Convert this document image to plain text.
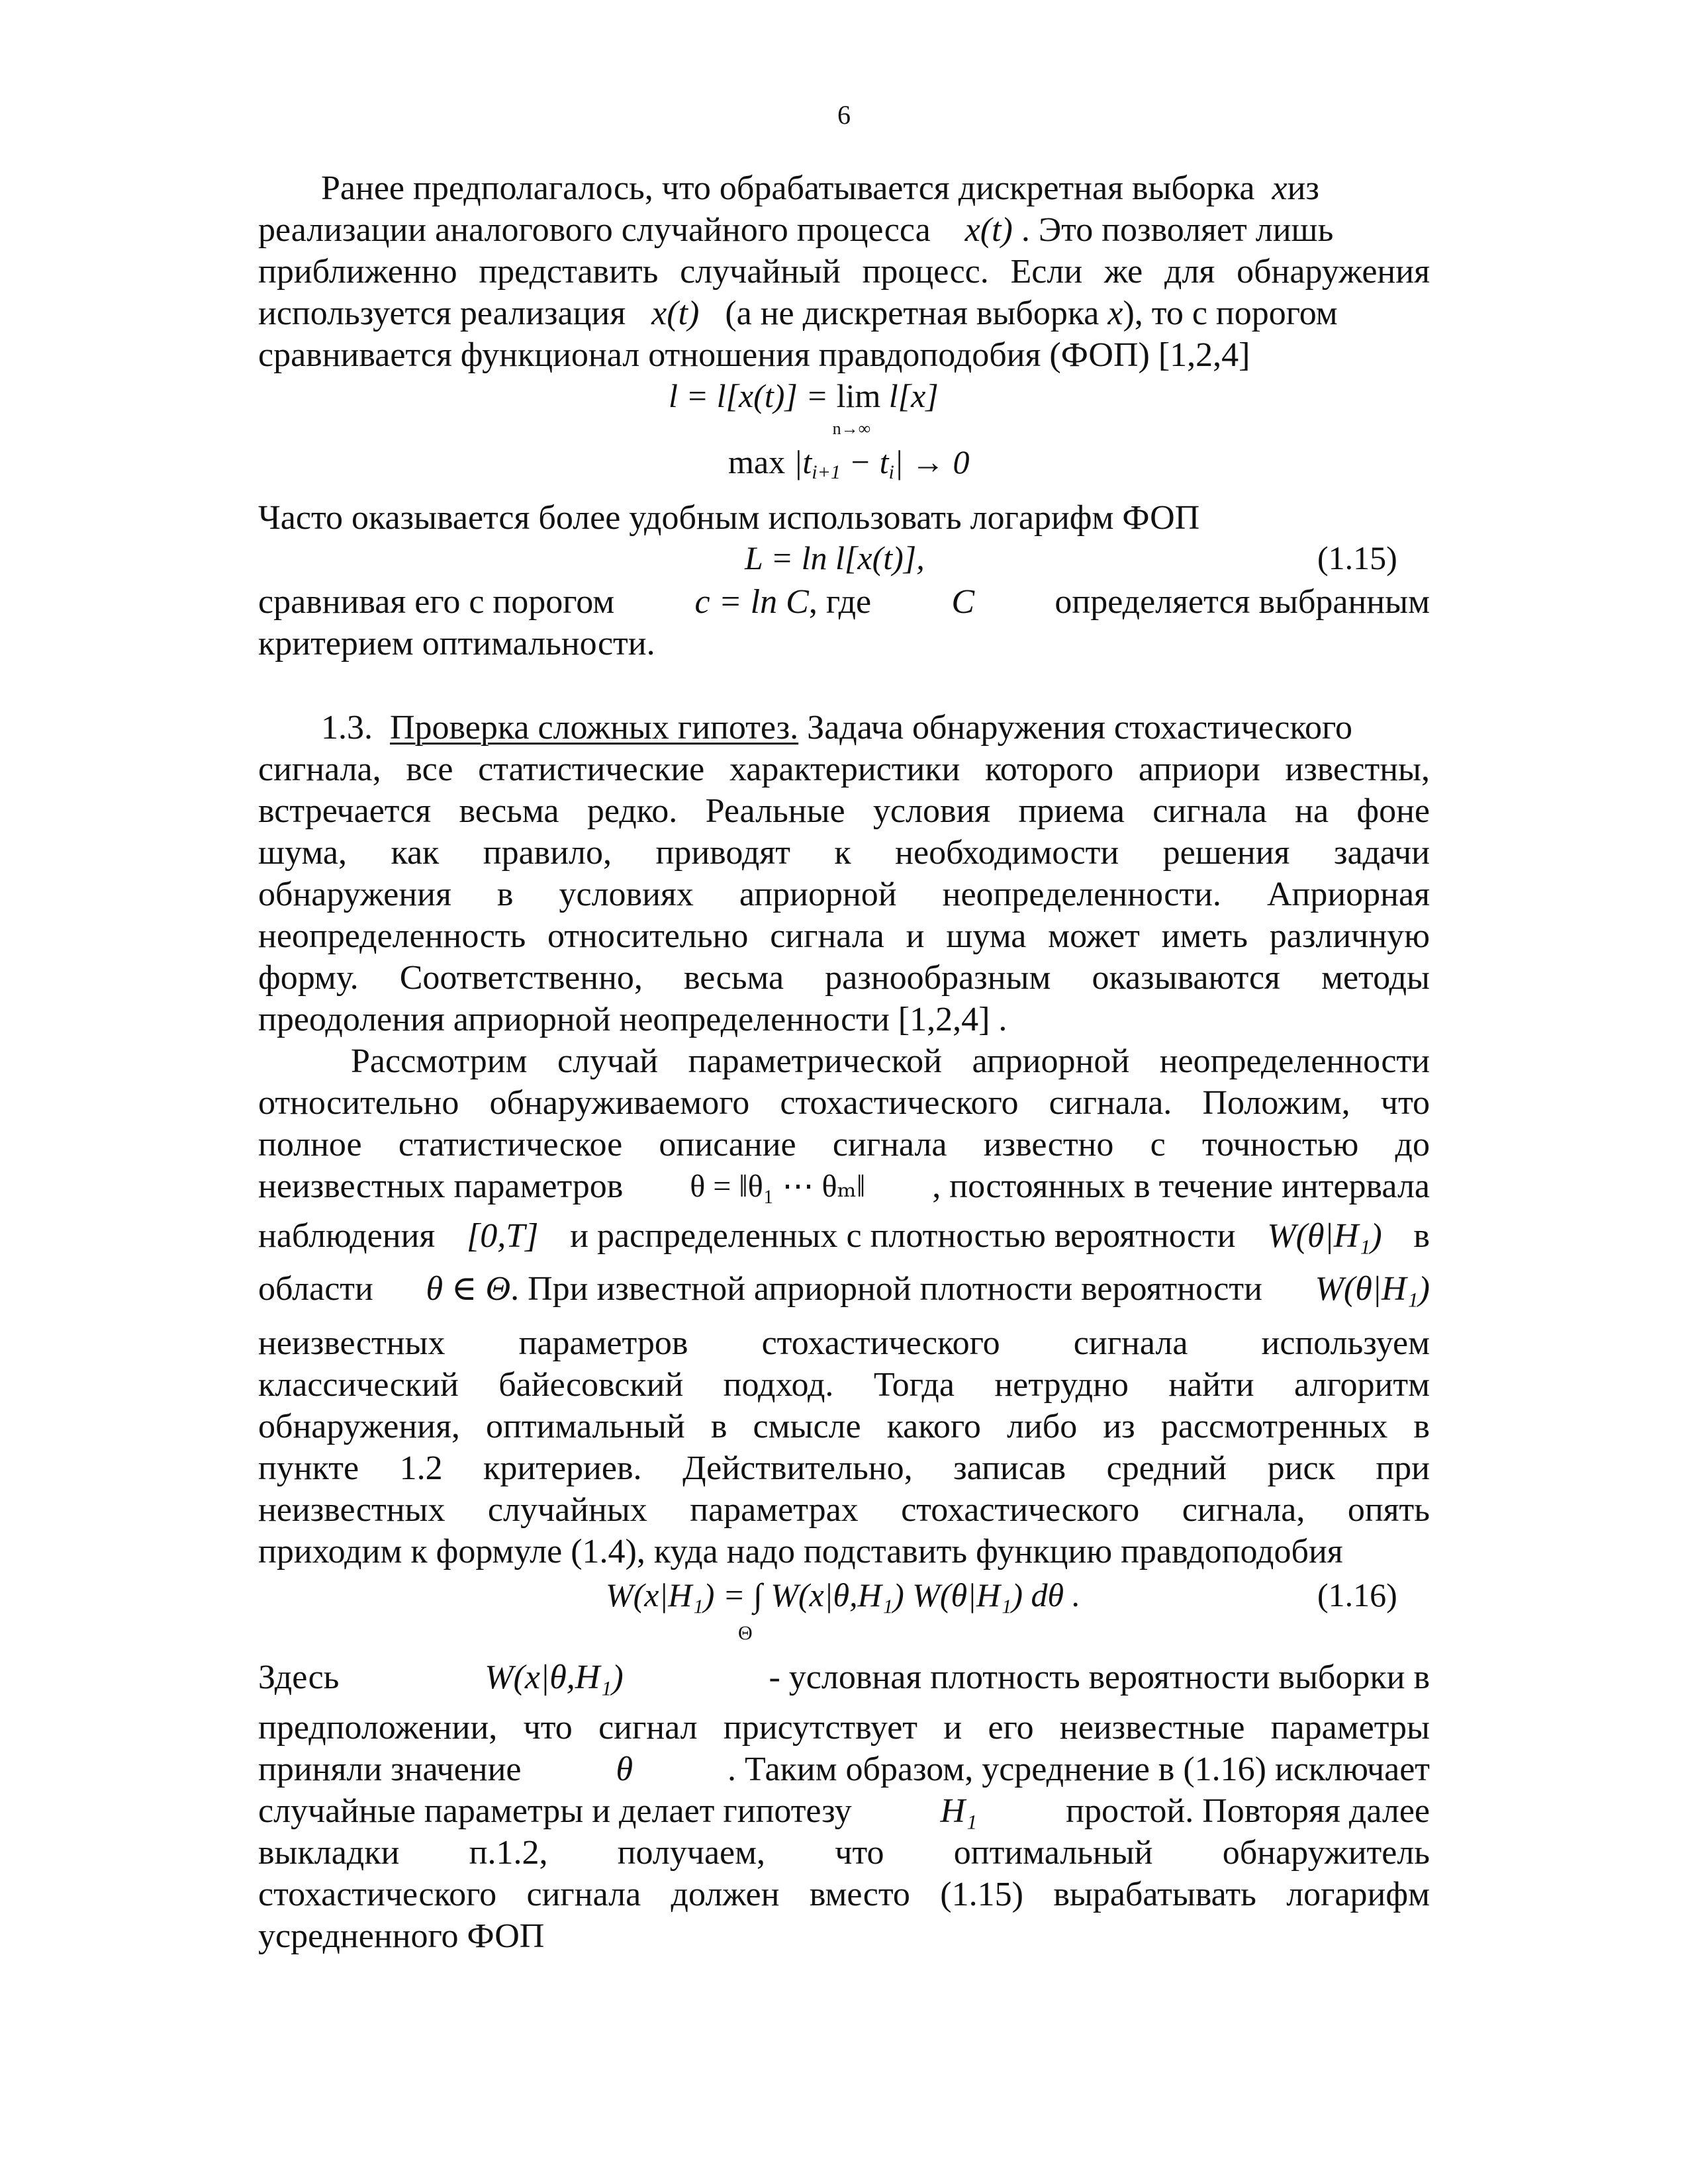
6
Ранее предполагалось, что обрабатывается дискретная выборка xиз
реализации аналогового случайного процесса x(t) . Это позволяет лишь
приближенно представить случайный процесс. Если же для обнаружения
используется реализация x(t) (а не дискретная выборка x), то с порогом
сравнивается функционал отношения правдоподобия (ФОП) [1,2,4]
l = l[x(t)] = lim
n→∞
l[x]
$\max |t_{i+1} - t_i| \to 0$
Часто оказывается более удобным использовать логарифм ФОП
L = ln l[x(t)],	(1.15)
сравнивая его с порогом c = ln C, где C определяется выбранным
критерием оптимальности.
1.3. Проверка сложных гипотез. Задача обнаружения стохастического
сигнала, все статистические характеристики которого априори известны,
встречается весьма редко. Реальные условия приема сигнала на фоне
шума, как правило, приводят к необходимости решения задачи
обнаружения в условиях априорной неопределенности. Априорная
неопределенность относительно сигнала и шума может иметь различную
форму. Соответственно, весьма разнообразным оказываются методы
преодоления априорной неопределенности [1,2,4] .
Рассмотрим случай параметрической априорной неопределенности
относительно обнаруживаемого стохастического сигнала. Положим, что
полное статистическое описание сигнала известно с точностью до
неизвестных параметров θ = ‖θ₁ ⋯ θₘ‖ , постоянных в течение интервала
наблюдения [0,T] и распределенных с плотностью вероятности W(θ|H₁) в
области θ ∈ Θ. При известной априорной плотности вероятности W(θ|H₁)
неизвестных параметров стохастического сигнала используем
классический байесовский подход. Тогда нетрудно найти алгоритм
обнаружения, оптимальный в смысле какого либо из рассмотренных в
пункте 1.2 критериев. Действительно, записав средний риск при
неизвестных случайных параметрах стохастического сигнала, опять
приходим к формуле (1.4), куда надо подставить функцию правдоподобия
W(x|H₁) = ∫ W(x|θ,H₁) W(θ|H₁) dθ .
Θ
(1.16)
Здесь	W(x|θ,H₁)	- условная плотность вероятности выборки в
предположении, что сигнал присутствует и его неизвестные параметры
приняли значение	θ	. Таким образом, усреднение в (1.16) исключает
случайные параметры и делает гипотезу	H₁	простой. Повторяя далее
выкладки п.1.2, получаем, что оптимальный обнаружитель
стохастического сигнала должен вместо (1.15) вырабатывать логарифм
усредненного ФОП
